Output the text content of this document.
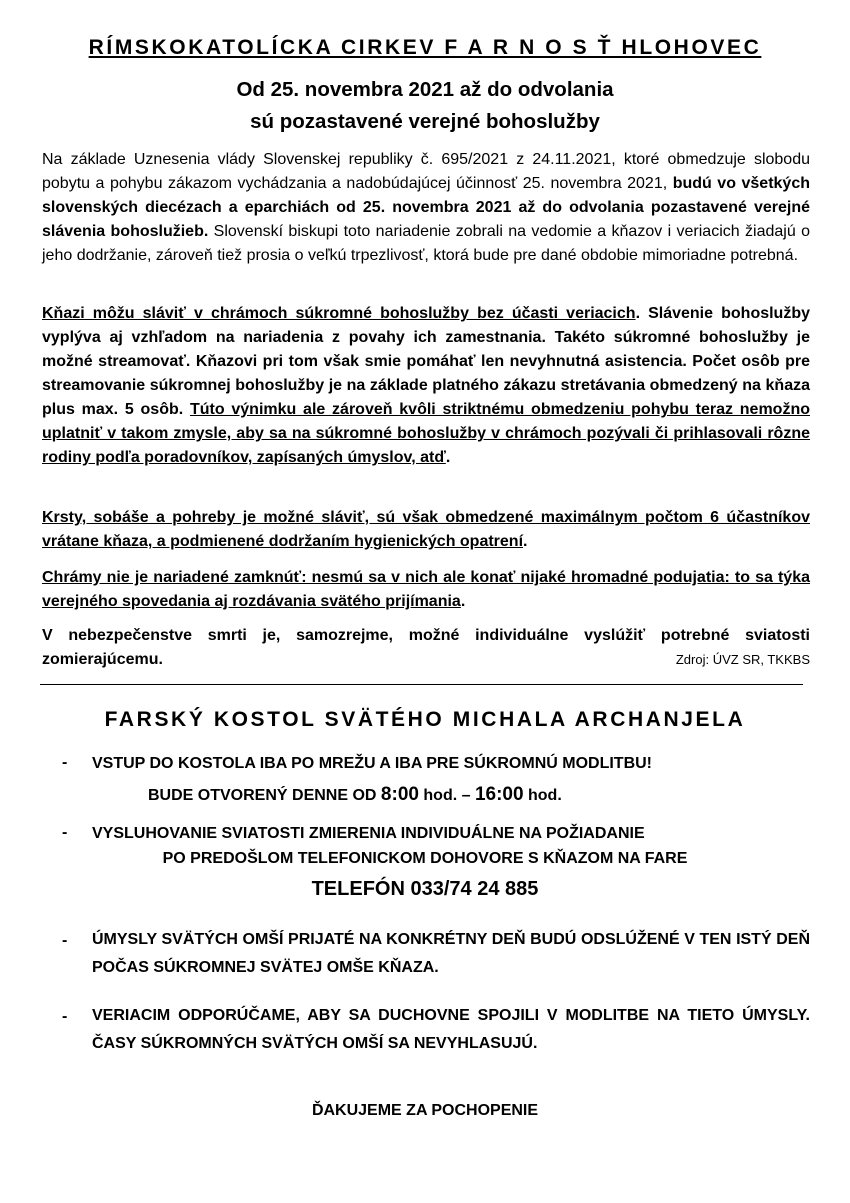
RÍMSKOKATOLÍCKA CIRKEV F A R N O S Ť HLOHOVEC
Od 25. novembra 2021 až do odvolania
sú pozastavené verejné bohoslužby
Na základe Uznesenia vlády Slovenskej republiky č. 695/2021 z 24.11.2021, ktoré obmedzuje slobodu pobytu a pohybu zákazom vychádzania a nadobúdajúcej účinnosť 25. novembra 2021, budú vo všetkých slovenských diecézach a eparchiách od 25. novembra 2021 až do odvolania pozastavené verejné slávenia bohoslužieb. Slovenskí biskupi toto nariadenie zobrali na vedomie a kňazov i veriacich žiadajú o jeho dodržanie, zároveň tiež prosia o veľkú trpezlivosť, ktorá bude pre dané obdobie mimoriadne potrebná.
Kňazi môžu sláviť v chrámoch súkromné bohoslužby bez účasti veriacich. Slávenie bohoslužby vyplýva aj vzhľadom na nariadenia z povahy ich zamestnania. Takéto súkromné bohoslužby je možné streamovať. Kňazovi pri tom však smie pomáhať len nevyhnutná asistencia. Počet osôb pre streamovanie súkromnej bohoslužby je na základe platného zákazu stretávania obmedzený na kňaza plus max. 5 osôb. Túto výnimku ale zároveň kvôli striktnému obmedzeniu pohybu teraz nemožno uplatniť v takom zmysle, aby sa na súkromné bohoslužby v chrámoch pozývali či prihlasovali rôzne rodiny podľa poradovníkov, zapísaných úmyslov, atď.
Krsty, sobáše a pohreby je možné sláviť, sú však obmedzené maximálnym počtom 6 účastníkov vrátane kňaza, a podmienené dodržaním hygienických opatrení.
Chrámy nie je nariadené zamknúť: nesmú sa v nich ale konať nijaké hromadné podujatia: to sa týka verejného spovedania aj rozdávania svätého prijímania.
V nebezpečenstve smrti je, samozrejme, možné individuálne vyslúžiť potrebné sviatosti zomierajúcemu.	Zdroj: ÚVZ SR, TKKBS
FARSKÝ KOSTOL SVÄTÉHO MICHALA ARCHANJELA
- VSTUP DO KOSTOLA IBA PO MREŽU A IBA PRE SÚKROMNÚ MODLITBU!
BUDE OTVORENÝ DENNE OD 8:00 hod. – 16:00 hod.
- VYSLUHOVANIE SVIATOSTI ZMIERENIA INDIVIDUÁLNE NA POŽIADANIE
PO PREDOŠLOM TELEFONICKOM DOHOVORE S KŇAZOM NA FARE
TELEFÓN 033/74 24 885
- ÚMYSLY SVÄTÝCH OMŠÍ PRIJATÉ NA KONKRÉTNY DEŇ BUDÚ ODSLÚŽENÉ V TEN ISTÝ DEŇ POČAS SÚKROMNEJ SVÄTEJ OMŠE KŇAZA.
- VERIACIM ODPORÚČAME, ABY SA DUCHOVNE SPOJILI V MODLITBE NA TIETO ÚMYSLY. ČASY SÚKROMNÝCH SVÄTÝCH OMŠÍ SA NEVYHLASUJÚ.
ĎAKUJEME ZA POCHOPENIE
